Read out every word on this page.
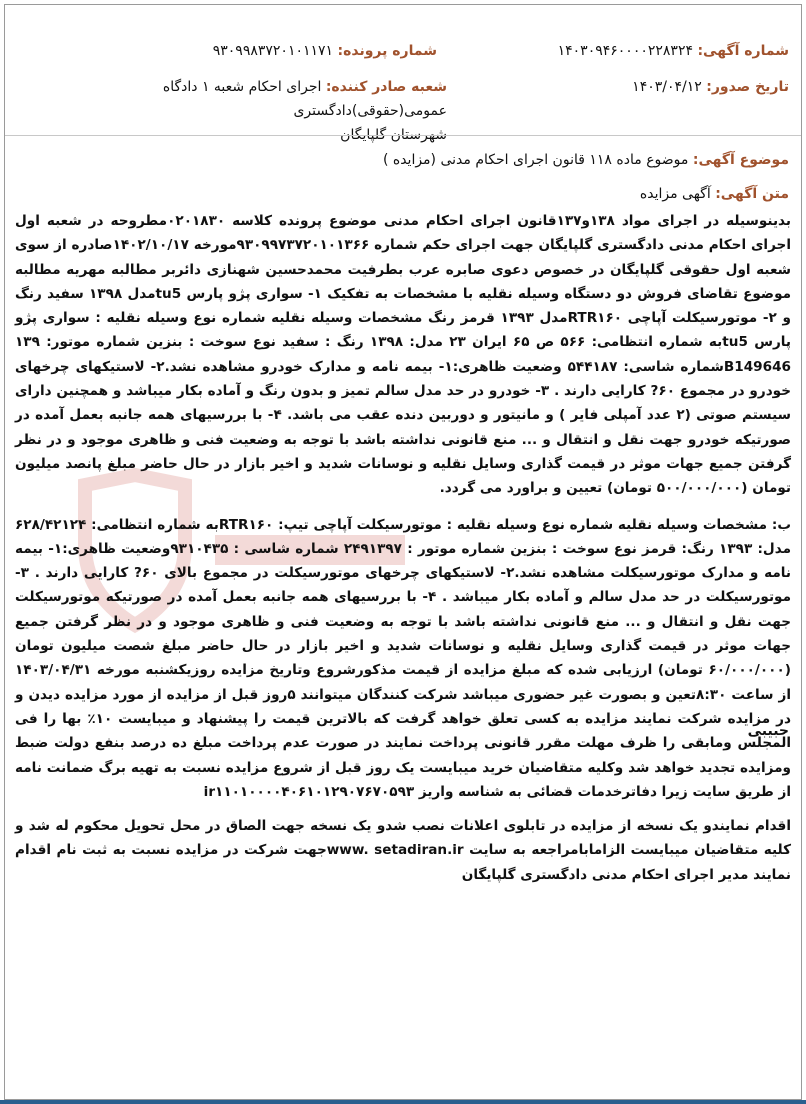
شماره آگهی: ۱۴۰۳۰۹۴۶۰۰۰۰۲۲۸۳۲۴
شماره پرونده: ۹۳۰۹۹۸۳۷۲۰۱۰۱۱۷۱
تاریخ صدور: ۱۴۰۳/۰۴/۱۲
شعبه صادر کننده: اجرای احکام شعبه ۱ دادگاه عمومی(حقوقی)دادگستری
شهرستان گلپایگان
موضوع آگهی: موضوع ماده ۱۱۸ قانون اجرای احکام مدنی (مزایده )
متن آگهی: آگهی مزایده

بدینوسیله در اجرای مواد ۱۳۸و۱۳۷قانون اجرای احکام مدنی موضوع پرونده کلاسه ۰۲۰۱۸۳۰مطروحه در شعبه اول اجرای احکام مدنی دادگستری گلپایگان جهت اجرای حکم شماره ۹۳۰۹۹۷۳۷۲۰۱۰۱۳۶۶مورخه ۱۴۰۲/۱۰/۱۷صادره از سوی شعبه اول حقوقی گلپایگان در خصوص دعوی صابره عرب بطرفیت محمدحسین شهنازی دائربر مطالبه مهریه مطالبه موضوع تقاضای فروش دو دستگاه وسیله نقلیه با مشخصات به تفکیک ۱- سواری پژو پارس tu5مدل ۱۳۹۸ سفید رنگ و ۲- موتورسیکلت آپاچی RTR۱۶۰مدل ۱۳۹۳ قرمز رنگ مشخصات وسیله نقلیه شماره نوع وسیله نقلیه : سواری پژو پارس tu5به شماره انتظامی: ۵۶۶ ص ۶۵ ایران ۲۳ مدل: ۱۳۹۸ رنگ : سفید نوع سوخت : بنزین شماره موتور: ۱۳۹ B149646شماره شاسی: ۵۴۴۱۸۷ وضعیت ظاهری:۱- بیمه نامه و مدارک خودرو مشاهده نشد.۲- لاستیکهای چرخهای خودرو در مجموع ۶۰? کارایی دارند . ۳- خودرو در حد مدل سالم تمیز و بدون رنگ و آماده بکار میباشد و همچنین دارای سیستم صوتی (۲ عدد آمپلی فایر ) و مانیتور و دوربین دنده عقب می باشد. ۴- با بررسیهای همه جانبه بعمل آمده در صورتیکه خودرو جهت نقل و انتقال و ... منع قانونی نداشته باشد با توجه به وضعیت فنی و ظاهری موجود و در نظر گرفتن جمیع جهات موثر در قیمت گذاری وسایل نقلیه و نوسانات شدید و اخیر بازار در حال حاضر مبلغ پانصد میلیون تومان (۵۰۰/۰۰۰/۰۰۰ تومان) تعیین و براورد می گردد.

ب: مشخصات وسیله نقلیه شماره نوع وسیله نقلیه : موتورسیکلت آپاچی تیپ: RTR۱۶۰به شماره انتظامی: ۶۲۸/۴۲۱۲۴ مدل: ۱۳۹۳ رنگ: قرمز نوع سوخت : بنزین شماره موتور : ۲۴۹۱۳۹۷ شماره شاسی : ۹۳۱۰۴۳۵وضعیت ظاهری:۱- بیمه نامه و مدارک موتورسیکلت مشاهده نشد.۲- لاستیکهای چرخهای موتورسیکلت در مجموع بالای ۶۰? کارایی دارند . ۳- موتورسیکلت در حد مدل سالم و آماده بکار میباشد . ۴- با بررسیهای همه جانبه بعمل آمده در صورتیکه موتورسیکلت جهت نقل و انتقال و ... منع قانونی نداشته باشد با توجه به وضعیت فنی و ظاهری موجود و در نظر گرفتن جمیع جهات موثر در قیمت گذاری وسایل نقلیه و نوسانات شدید و اخیر بازار در حال حاضر مبلغ شصت میلیون تومان (۶۰/۰۰۰/۰۰۰ تومان) ارزیابی شده که مبلغ مزایده از قیمت مذکورشروع وتاریخ مزایده روزیکشنبه مورخه ۱۴۰۳/۰۴/۳۱ از ساعت ۸:۳۰تعین و بصورت غیر حضوری میباشد شرکت کنندگان میتوانند ۵روز قبل از مزایده از مورد مزایده دیدن و در مزایده شرکت نمایند مزایده به کسی تعلق خواهد گرفت که بالاترین قیمت را پیشنهاد و میبایست ۱۰٪ بها را فی المجلس ومابقی را ظرف مهلت مقرر قانونی پرداخت نمایند در صورت عدم پرداخت مبلغ ده درصد بنفع دولت ضبط ومزایده تجدید خواهد شد وکلیه متقاضیان خرید میبایست یک روز قبل از شروع مزایده نسبت به تهیه برگ ضمانت نامه از طریق سایت زیرا دفاترخدمات قضائی به شناسه واریز ir۱۱۰۱۰۰۰۰۴۰۶۱۰۱۲۹۰۷۶۷۰۵۹۳

اقدام نمایندو یک نسخه از مزایده در تابلوی اعلانات نصب شدو یک نسخه جهت الصاق در محل تحویل محکوم له شد و کلیه متقاضیان میبایست الزامابامراجعه به سایت www. setadiran.irجهت شرکت در مزایده نسبت به ثبت نام اقدام نمایند مدیر اجرای احکام مدنی دادگستری گلپایگان

حبیبی
